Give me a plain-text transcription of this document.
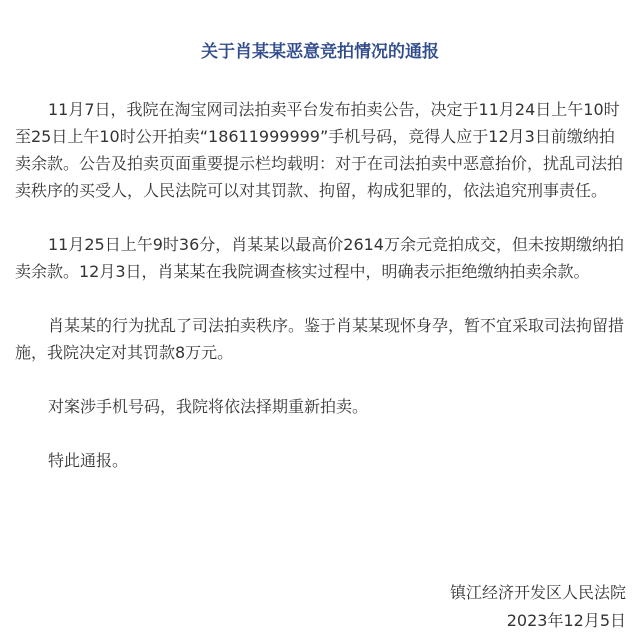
关于肖某某恶意竞拍情况的通报

11月7日，我院在淘宝网司法拍卖平台发布拍卖公告，决定于11月24日上午10时至25日上午10时公开拍卖“18611999999”手机号码，竞得人应于12月3日前缴纳拍卖余款。公告及拍卖页面重要提示栏均载明：对于在司法拍卖中恶意抬价，扰乱司法拍卖秩序的买受人，人民法院可以对其罚款、拘留，构成犯罪的，依法追究刑事责任。

11月25日上午9时36分，肖某某以最高价2614万余元竞拍成交，但未按期缴纳拍卖余款。12月3日，肖某某在我院调查核实过程中，明确表示拒绝缴纳拍卖余款。

肖某某的行为扰乱了司法拍卖秩序。鉴于肖某某现怀身孕，暂不宜采取司法拘留措施，我院决定对其罚款8万元。

对案涉手机号码，我院将依法择期重新拍卖。

特此通报。

镇江经济开发区人民法院
2023年12月5日
